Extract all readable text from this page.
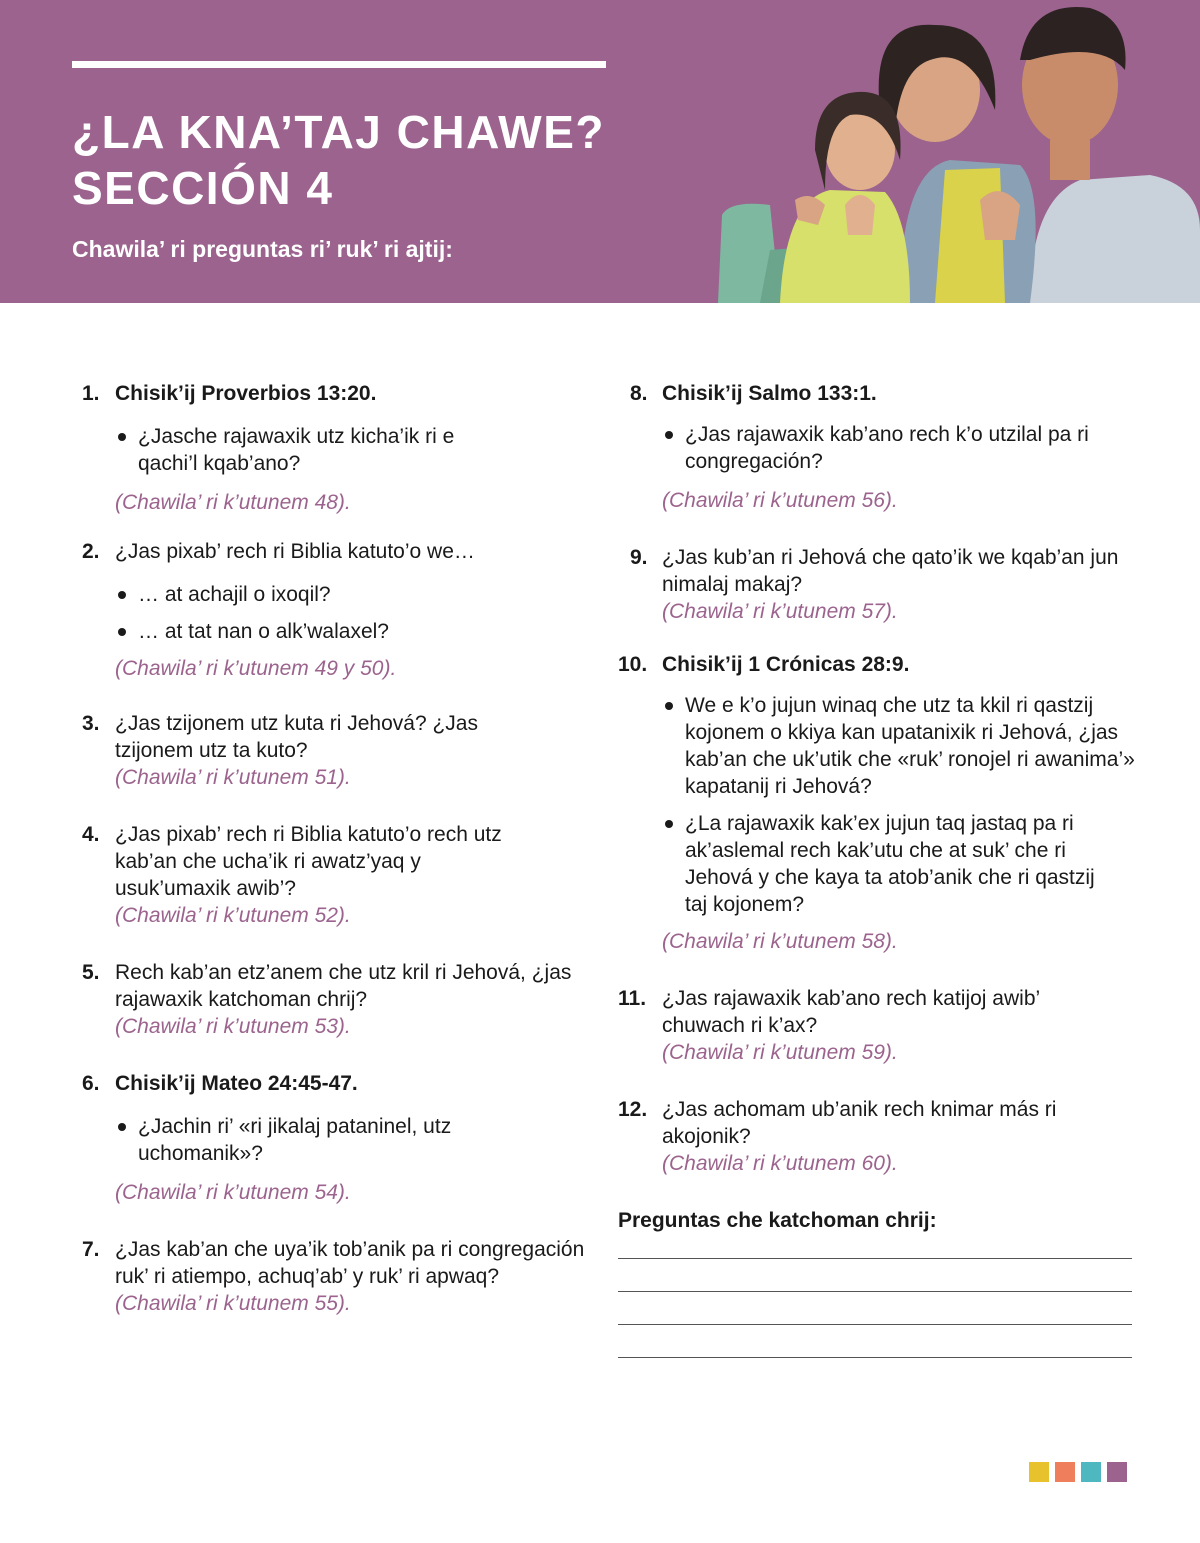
¿LA KNA’TAJ CHAWE?
SECCIÓN 4
Chawila’ ri preguntas ri’ ruk’ ri ajtij:
1. Chisik’ij Proverbios 13:20.
¿Jasche rajawaxik utz kicha’ik ri e qachi’l kqab’ano?
(Chawila’ ri k’utunem 48).
2. ¿Jas pixab’ rech ri Biblia katuto’o we…
… at achajil o ixoqil?
… at tat nan o alk’walaxel?
(Chawila’ ri k’utunem 49 y 50).
3. ¿Jas tzijonem utz kuta ri Jehová? ¿Jas tzijonem utz ta kuto?
(Chawila’ ri k’utunem 51).
4. ¿Jas pixab’ rech ri Biblia katuto’o rech utz kab’an che ucha’ik ri awatz’yaq y usuk’umaxik awib’?
(Chawila’ ri k’utunem 52).
5. Rech kab’an etz’anem che utz kril ri Jehová, ¿jas rajawaxik katchoman chrij?
(Chawila’ ri k’utunem 53).
6. Chisik’ij Mateo 24:45-47.
¿Jachin ri’ «ri jikalaj pataninel, utz uchomanik»?
(Chawila’ ri k’utunem 54).
7. ¿Jas kab’an che uya’ik tob’anik pa ri congregación ruk’ ri atiempo, achuq’ab’ y ruk’ ri apwaq?
(Chawila’ ri k’utunem 55).
8. Chisik’ij Salmo 133:1.
¿Jas rajawaxik kab’ano rech k’o utzilal pa ri congregación?
(Chawila’ ri k’utunem 56).
9. ¿Jas kub’an ri Jehová che qato’ik we kqab’an jun nimalaj makaj?
(Chawila’ ri k’utunem 57).
10. Chisik’ij 1 Crónicas 28:9.
We e k’o jujun winaq che utz ta kkil ri qastzij kojonem o kkiya kan upatanixik ri Jehová, ¿jas kab’an che uk’utik che «ruk’ ronojel ri awanima’» kapatanij ri Jehová?
¿La rajawaxik kak’ex jujun taq jastaq pa ri ak’aslemal rech kak’utu che at suk’ che ri Jehová y che kaya ta atob’anik che ri qastzij taj kojonem?
(Chawila’ ri k’utunem 58).
11. ¿Jas rajawaxik kab’ano rech katijoj awib’ chuwach ri k’ax?
(Chawila’ ri k’utunem 59).
12. ¿Jas achomam ub’anik rech knimar más ri akojonik?
(Chawila’ ri k’utunem 60).
Preguntas che katchoman chrij:
